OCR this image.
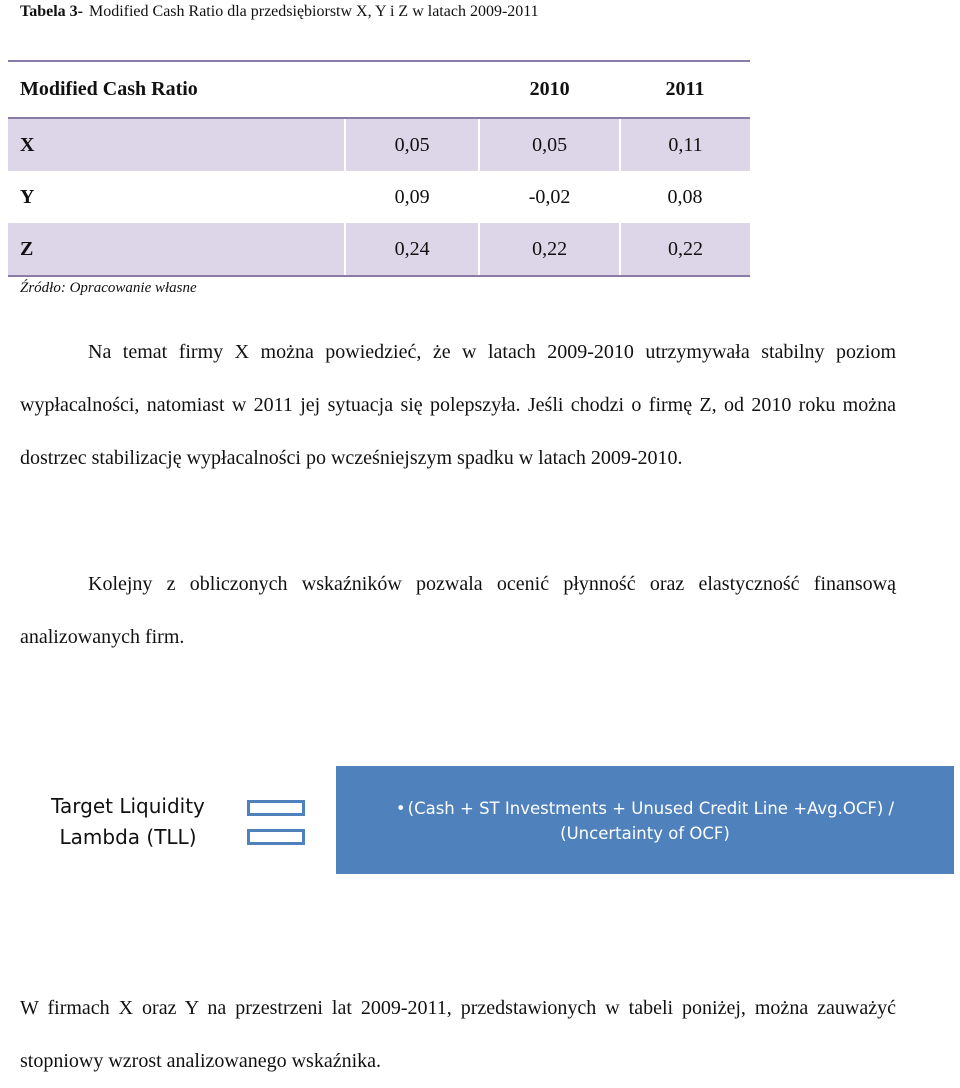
Tabela 3- Modified Cash Ratio dla przedsiębiorstw X, Y i Z w latach 2009-2011
Modified Cash Ratio		2010	2011
X	0,05	0,05	0,11
Y	0,09	-0,02	0,08
Z	0,24	0,22	0,22
Źródło: Opracowanie własne

Na temat firmy X można powiedzieć, że w latach 2009-2010 utrzymywała stabilny poziom wypłacalności, natomiast w 2011 jej sytuacja się polepszyła. Jeśli chodzi o firmę Z, od 2010 roku można dostrzec stabilizację wypłacalności po wcześniejszym spadku w latach 2009-2010.

Kolejny z obliczonych wskaźników pozwala ocenić płynność oraz elastyczność finansową analizowanych firm.

Target Liquidity
Lambda (TLL)
• (Cash + ST Investments + Unused Credit Line +Avg.OCF) /
(Uncertainty of OCF)

W firmach X oraz Y na przestrzeni lat 2009-2011, przedstawionych w tabeli poniżej, można zauważyć stopniowy wzrost analizowanego wskaźnika.
